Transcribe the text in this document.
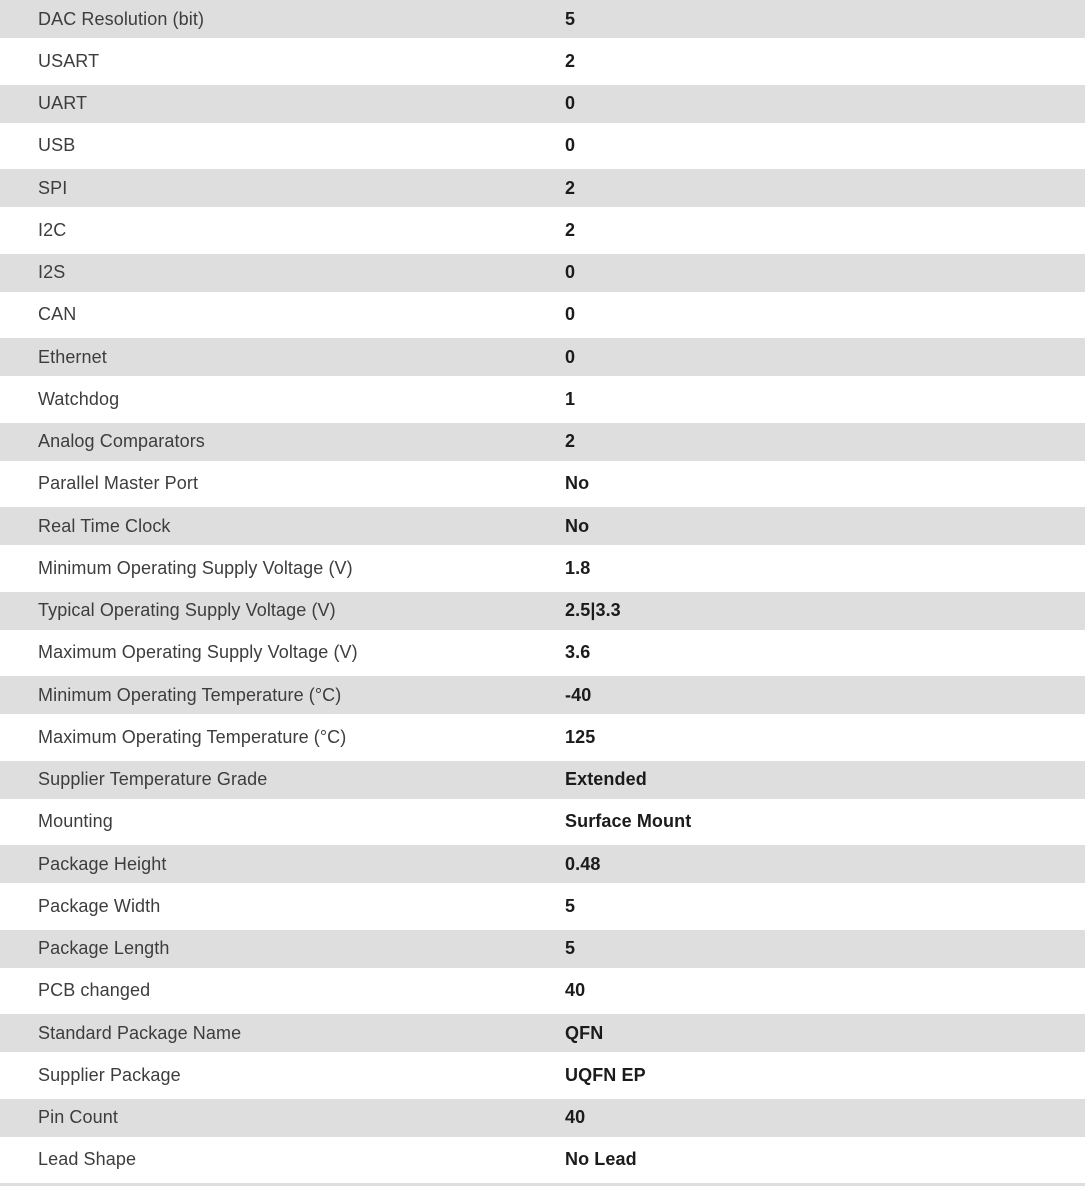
DAC Resolution (bit)	5
USART	2
UART	0
USB	0
SPI	2
I2C	2
I2S	0
CAN	0
Ethernet	0
Watchdog	1
Analog Comparators	2
Parallel Master Port	No
Real Time Clock	No
Minimum Operating Supply Voltage (V)	1.8
Typical Operating Supply Voltage (V)	2.5|3.3
Maximum Operating Supply Voltage (V)	3.6
Minimum Operating Temperature (°C)	-40
Maximum Operating Temperature (°C)	125
Supplier Temperature Grade	Extended
Mounting	Surface Mount
Package Height	0.48
Package Width	5
Package Length	5
PCB changed	40
Standard Package Name	QFN
Supplier Package	UQFN EP
Pin Count	40
Lead Shape	No Lead
